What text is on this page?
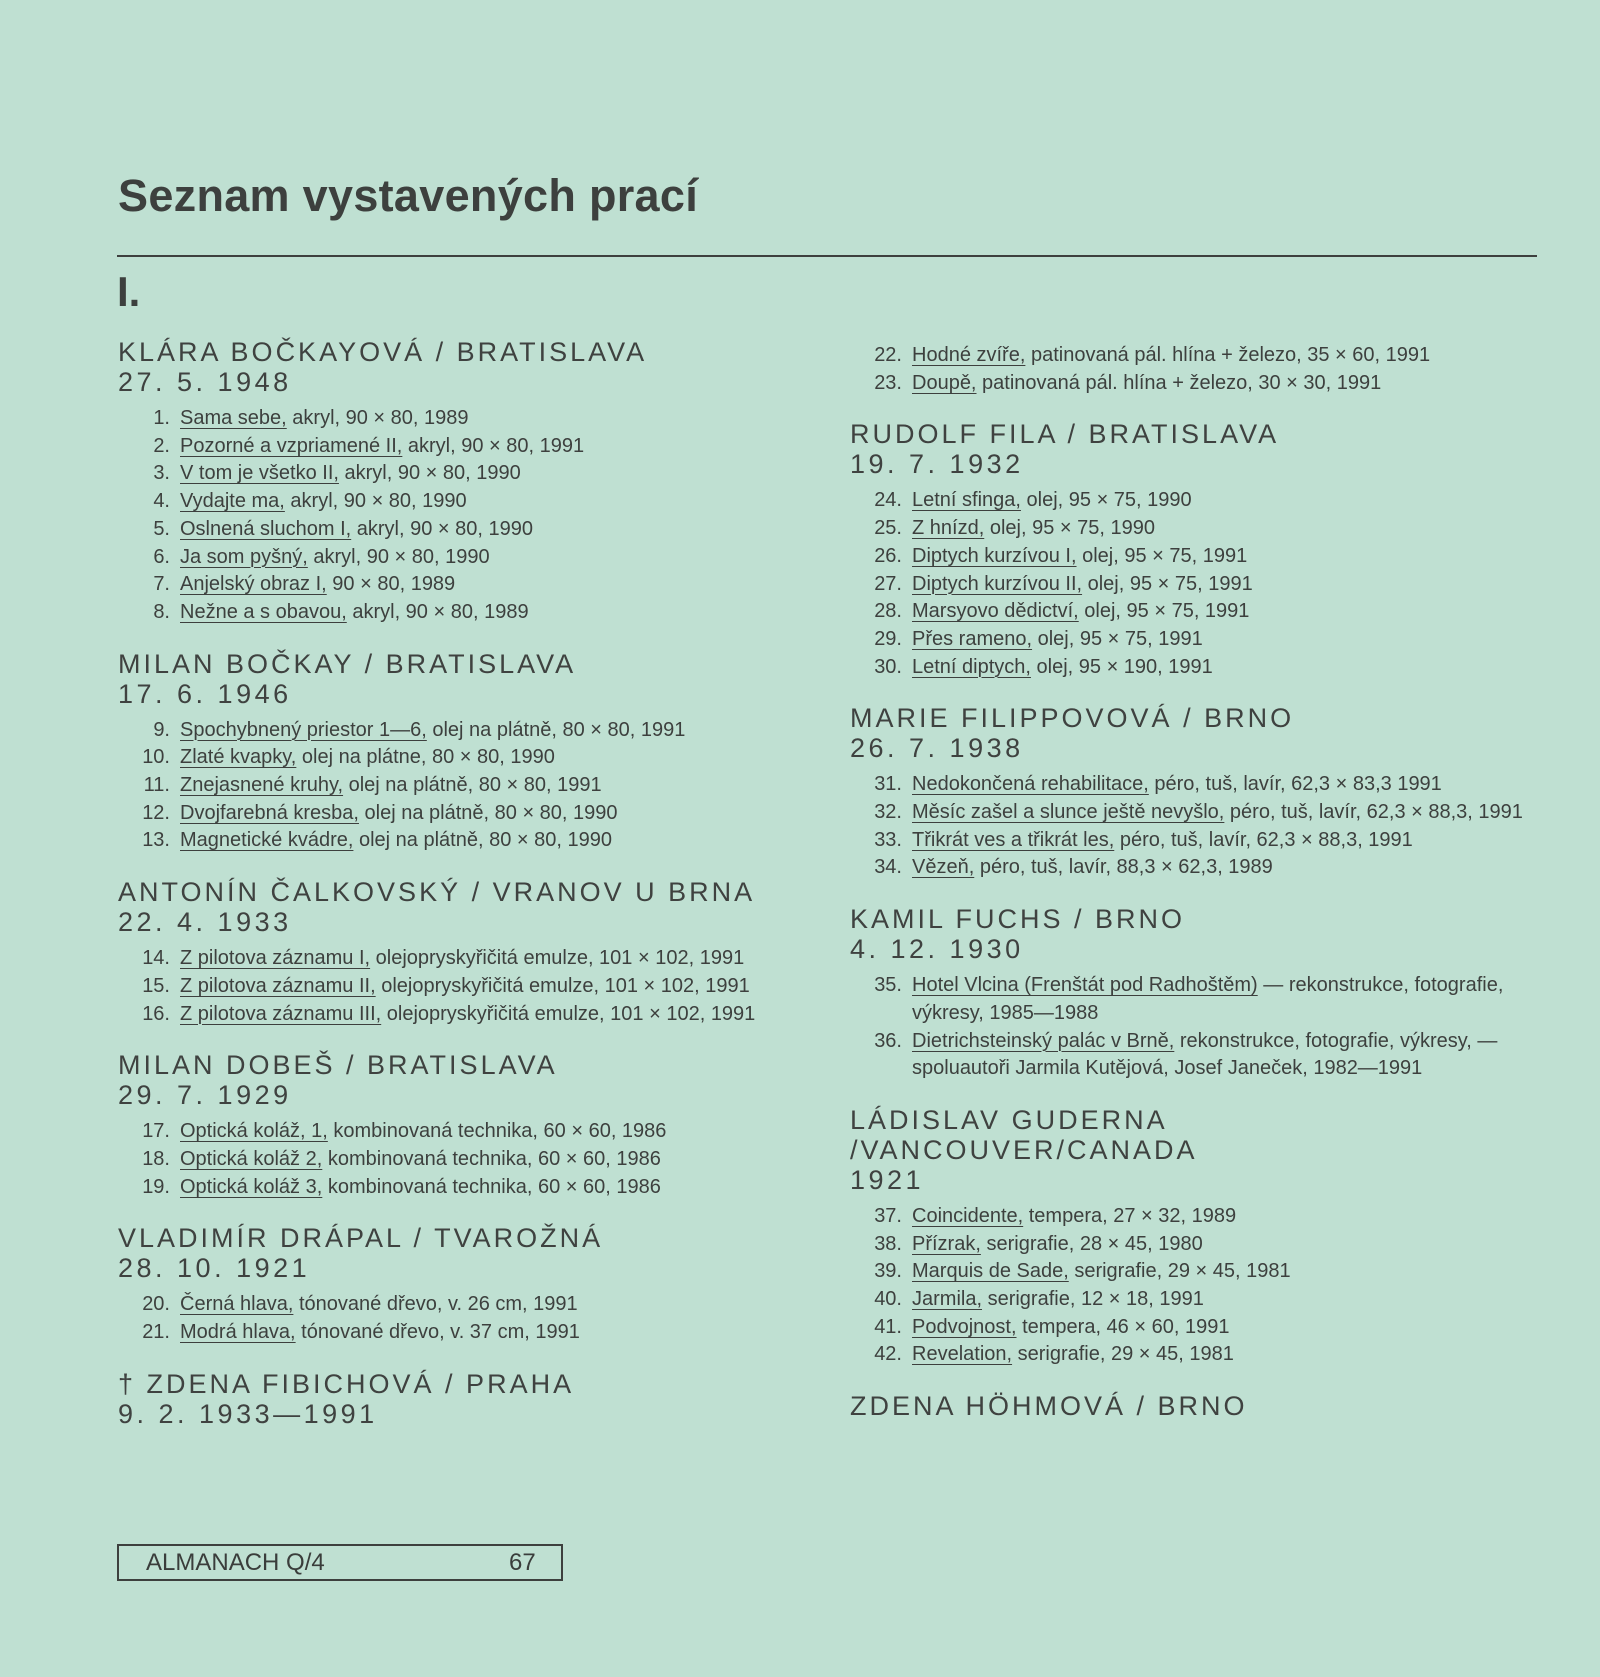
Seznam vystavených prací
I.
KLÁRA BOČKAYOVÁ / BRATISLAVA
27. 5. 1948
1. Sama sebe, akryl, 90 × 80, 1989
2. Pozorné a vzpriamené II, akryl, 90 × 80, 1991
3. V tom je všetko II, akryl, 90 × 80, 1990
4. Vydajte ma, akryl, 90 × 80, 1990
5. Oslnená sluchom I, akryl, 90 × 80, 1990
6. Ja som pyšný, akryl, 90 × 80, 1990
7. Anjelský obraz I, 90 × 80, 1989
8. Nežne a s obavou, akryl, 90 × 80, 1989
MILAN BOČKAY / BRATISLAVA
17. 6. 1946
9. Spochybnený priestor 1—6, olej na plátně, 80 × 80, 1991
10. Zlaté kvapky, olej na plátne, 80 × 80, 1990
11. Znejasnené kruhy, olej na plátně, 80 × 80, 1991
12. Dvojfarebná kresba, olej na plátně, 80 × 80, 1990
13. Magnetické kvádre, olej na plátně, 80 × 80, 1990
ANTONÍN ČALKOVSKÝ / VRANOV U BRNA
22. 4. 1933
14. Z pilotova záznamu I, olejopryskyřičitá emulze, 101 × 102, 1991
15. Z pilotova záznamu II, olejopryskyřičitá emulze, 101 × 102, 1991
16. Z pilotova záznamu III, olejopryskyřičitá emulze, 101 × 102, 1991
MILAN DOBEŠ / BRATISLAVA
29. 7. 1929
17. Optická koláž, 1, kombinovaná technika, 60 × 60, 1986
18. Optická koláž 2, kombinovaná technika, 60 × 60, 1986
19. Optická koláž 3, kombinovaná technika, 60 × 60, 1986
VLADIMÍR DRÁPAL / TVAROŽNÁ
28. 10. 1921
20. Černá hlava, tónované dřevo, v. 26 cm, 1991
21. Modrá hlava, tónované dřevo, v. 37 cm, 1991
† ZDENA FIBICHOVÁ / PRAHA
9. 2. 1933—1991
22. Hodné zvíře, patinovaná pál. hlína + železo, 35 × 60, 1991
23. Doupě, patinovaná pál. hlína + železo, 30 × 30, 1991
RUDOLF FILA / BRATISLAVA
19. 7. 1932
24. Letní sfinga, olej, 95 × 75, 1990
25. Z hnízd, olej, 95 × 75, 1990
26. Diptych kurzívou I, olej, 95 × 75, 1991
27. Diptych kurzívou II, olej, 95 × 75, 1991
28. Marsyovo dědictví, olej, 95 × 75, 1991
29. Přes rameno, olej, 95 × 75, 1991
30. Letní diptych, olej, 95 × 190, 1991
MARIE FILIPPOVOVÁ / BRNO
26. 7. 1938
31. Nedokončená rehabilitace, péro, tuš, lavír, 62,3 × 83,3 1991
32. Měsíc zašel a slunce ještě nevyšlo, péro, tuš, lavír, 62,3 × 88,3, 1991
33. Třikrát ves a třikrát les, péro, tuš, lavír, 62,3 × 88,3, 1991
34. Vězeň, péro, tuš, lavír, 88,3 × 62,3, 1989
KAMIL FUCHS / BRNO
4. 12. 1930
35. Hotel Vlcina (Frenštát pod Radhoštěm) — rekonstrukce, fotografie, výkresy, 1985—1988
36. Dietrichsteinský palác v Brně, rekonstrukce, fotografie, výkresy, — spoluautoři Jarmila Kutějová, Josef Janeček, 1982—1991
LÁDISLAV GUDERNA
/VANCOUVER/CANADA
1921
37. Coincidente, tempera, 27 × 32, 1989
38. Přízrak, serigrafie, 28 × 45, 1980
39. Marquis de Sade, serigrafie, 29 × 45, 1981
40. Jarmila, serigrafie, 12 × 18, 1991
41. Podvojnost, tempera, 46 × 60, 1991
42. Revelation, serigrafie, 29 × 45, 1981
ZDENA HÖHMOVÁ / BRNO
ALMANACH Q/4	67
